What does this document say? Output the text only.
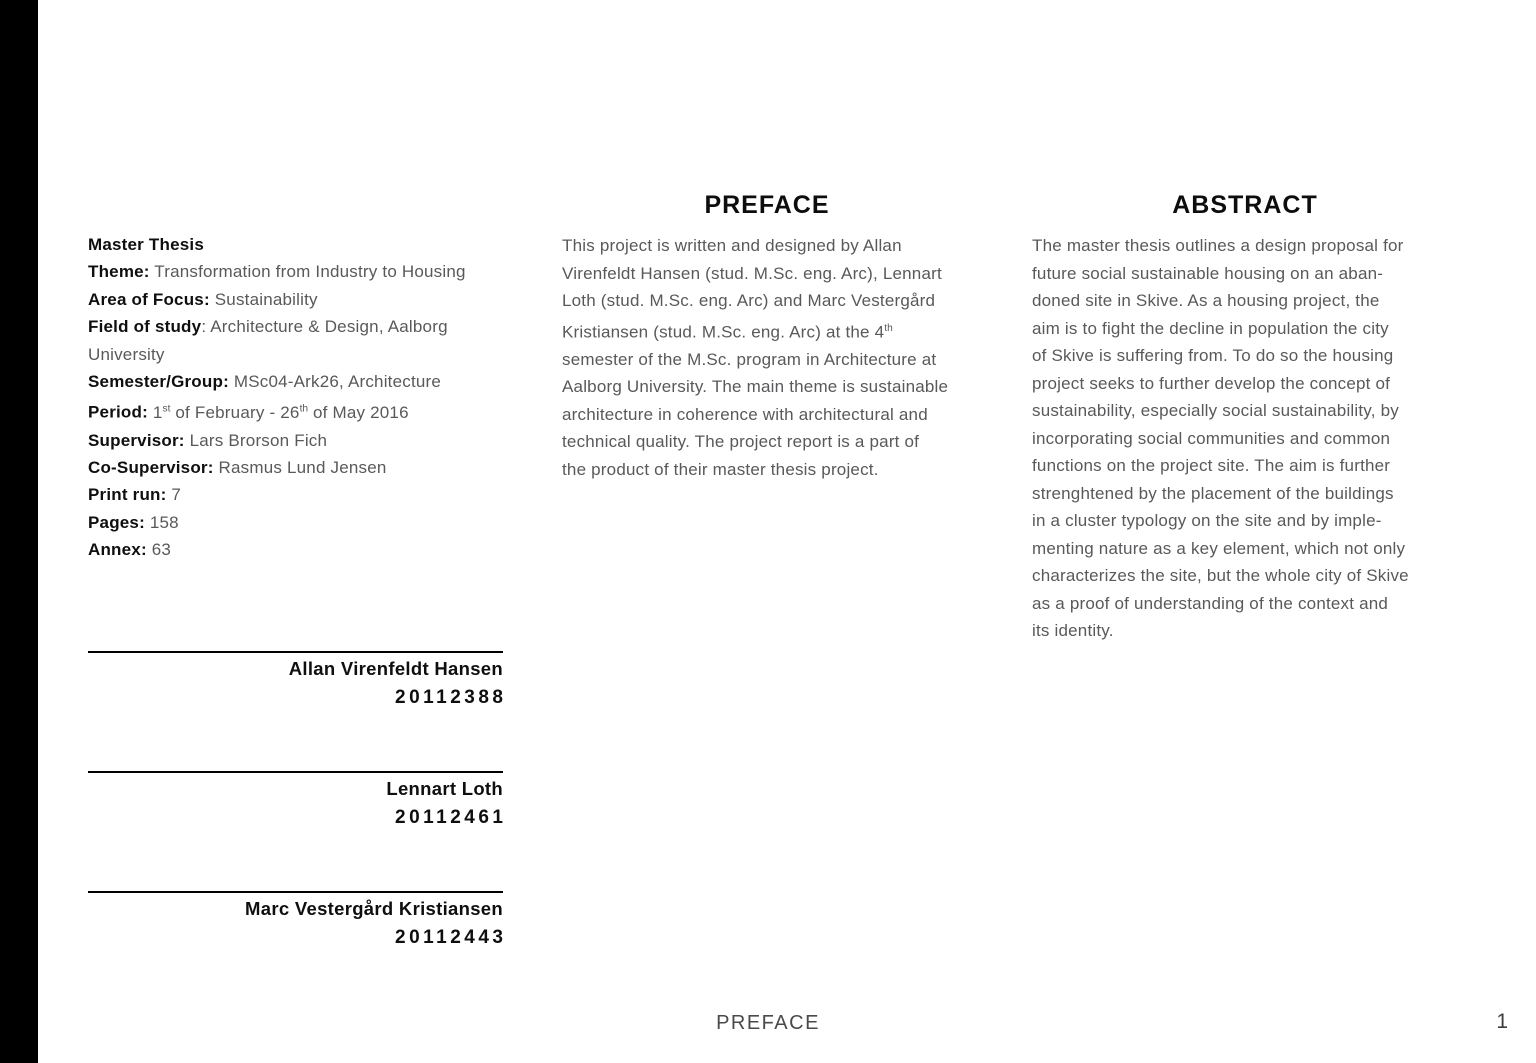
Master Thesis
Theme: Transformation from Industry to Housing
Area of Focus: Sustainability
Field of study: Architecture & Design, Aalborg
University
Semester/Group: MSc04-Ark26, Architecture
Period: 1st of February - 26th of May 2016
Supervisor: Lars Brorson Fich
Co-Supervisor: Rasmus Lund Jensen
Print run: 7
Pages: 158
Annex: 63
Allan Virenfeldt Hansen
20112388
Lennart Loth
20112461
Marc Vestergård Kristiansen
20112443
PREFACE
This project is written and designed by Allan
Virenfeldt Hansen (stud. M.Sc. eng. Arc), Lennart
Loth (stud. M.Sc. eng. Arc) and Marc Vestergård
Kristiansen (stud. M.Sc. eng. Arc) at the 4th
semester of the M.Sc. program in Architecture at
Aalborg University. The main theme is sustainable
architecture in coherence with architectural and
technical quality. The project report is a part of
the product of their master thesis project.
ABSTRACT
The master thesis outlines a design proposal for
future social sustainable housing on an aban-
doned site in Skive. As a housing project, the
aim is to fight the decline in population the city
of Skive is suffering from. To do so the housing
project seeks to further develop the concept of
sustainability, especially social sustainability, by
incorporating social communities and common
functions on the project site. The aim is further
strenghtened by the placement of the buildings
in a cluster typology on the site and by imple-
menting nature as a key element, which not only
characterizes the site, but the whole city of Skive
as a proof of understanding of the context and
its identity.
PREFACE	1
